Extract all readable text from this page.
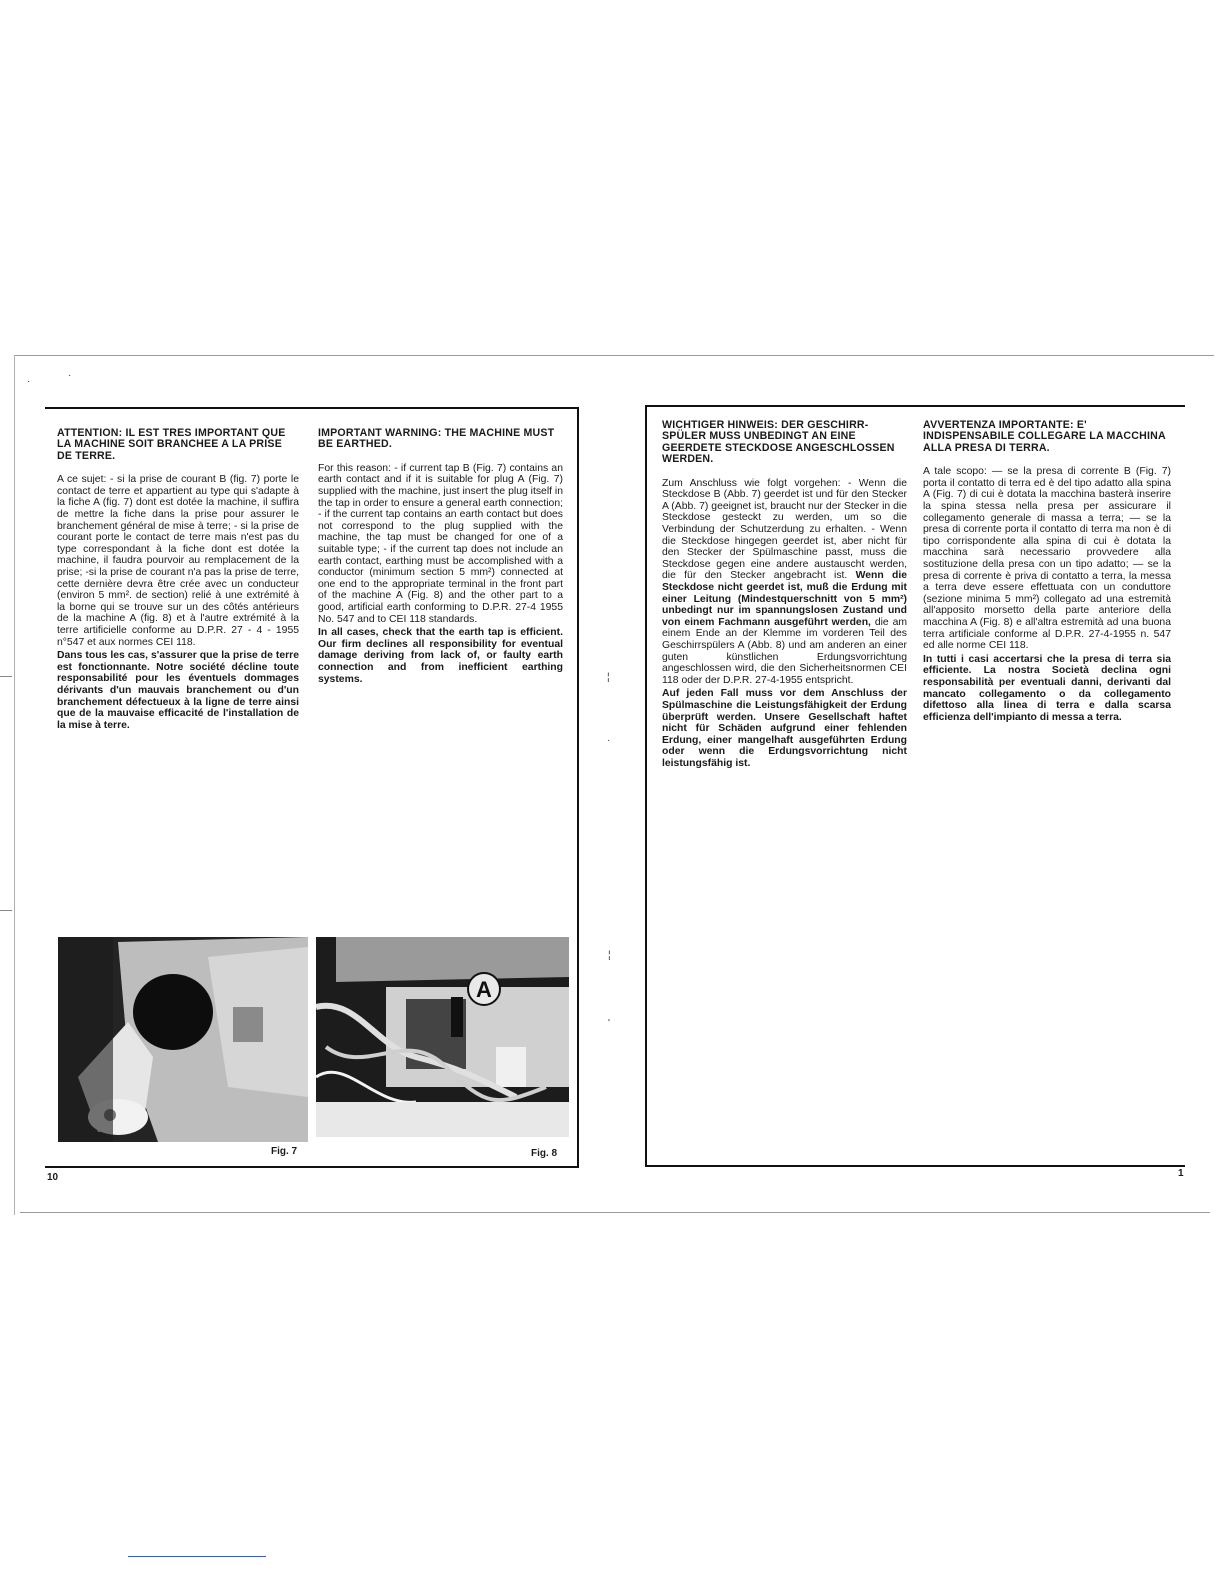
·
·
¦
·
¦
'
ATTENTION: IL EST TRES IMPORTANT QUE LA MACHINE SOIT BRANCHEE A LA PRISE DE TERRE.

A ce sujet: - si la prise de courant B (fig. 7) porte le contact de terre et appartient au type qui s'adapte à la fiche A (fig. 7) dont est dotée la machine, il suffira de mettre la fiche dans la prise pour assurer le branchement général de mise à terre; - si la prise de courant porte le contact de terre mais n'est pas du type correspondant à la fiche dont est dotée la machine, il faudra pourvoir au remplacement de la prise; -si la prise de courant n'a pas la prise de terre, cette dernière devra être crée avec un conducteur (environ 5 mm². de section) relié à une extrémité à la borne qui se trouve sur un des côtés antérieurs de la machine A (fig. 8) et à l'autre extrémité à la terre artificielle conforme au D.P.R. 27 - 4 - 1955 n°547 et aux normes CEI 118.

Dans tous les cas, s'assurer que la prise de terre est fonctionnante. Notre société décline toute responsabilité pour les éventuels dommages dérivants d'un mauvais branchement ou d'un branchement défectueux à la ligne de terre ainsi que de la mauvaise efficacité de l'installation de la mise à terre.

IMPORTANT WARNING: THE MACHINE MUST BE EARTHED.

For this reason: - if current tap B (Fig. 7) contains an earth contact and if it is suitable for plug A (Fig. 7) supplied with the machine, just insert the plug itself in the tap in order to ensure a general earth connection; - if the current tap contains an earth contact but does not correspond to the plug supplied with the machine, the tap must be changed for one of a suitable type; - if the current tap does not include an earth contact, earthing must be accomplished with a conductor (minimum section 5 mm²) connected at one end to the appropriate terminal in the front part of the machine A (Fig. 8) and the other part to a good, artificial earth conforming to D.P.R. 27-4 1955 No. 547 and to CEI 118 standards.

In all cases, check that the earth tap is efficient. Our firm declines all responsibility for eventual damage deriving from lack of, or faulty earth connection and from inefficient earthing systems.

Fig. 7
A
Fig. 8
10
WICHTIGER HINWEIS: DER GESCHIRR-SPÜLER MUSS UNBEDINGT AN EINE GEERDETE STECKDOSE ANGESCHLOSSEN WERDEN.

Zum Anschluss wie folgt vorgehen: - Wenn die Steckdose B (Abb. 7) geerdet ist und für den Stecker A (Abb. 7) geeignet ist, braucht nur der Stecker in die Steckdose gesteckt zu werden, um so die Verbindung der Schutzerdung zu erhalten. - Wenn die Steckdose hingegen geerdet ist, aber nicht für den Stecker der Spülmaschine passt, muss die Steckdose gegen eine andere austauscht werden, die für den Stecker angebracht ist. Wenn die Steckdose nicht geerdet ist, muß die Erdung mit einer Leitung (Mindestquerschnitt von 5 mm²) unbedingt nur im spannungslosen Zustand und von einem Fachmann ausgeführt werden, die am einem Ende an der Klemme im vorderen Teil des Geschirrspülers A (Abb. 8) und am anderen an einer guten künstlichen Erdungsvorrichtung angeschlossen wird, die den Sicherheitsnormen CEI 118 oder der D.P.R. 27-4-1955 entspricht.

Auf jeden Fall muss vor dem Anschluss der Spülmaschine die Leistungsfähigkeit der Erdung überprüft werden. Unsere Gesellschaft haftet nicht für Schäden aufgrund einer fehlenden Erdung, einer mangelhaft ausgeführten Erdung oder wenn die Erdungsvorrichtung nicht leistungsfähig ist.

AVVERTENZA IMPORTANTE: E' INDISPENSABILE COLLEGARE LA MACCHINA ALLA PRESA DI TERRA.

A tale scopo: — se la presa di corrente B (Fig. 7) porta il contatto di terra ed è del tipo adatto alla spina A (Fig. 7) di cui è dotata la macchina basterà inserire la spina stessa nella presa per assicurare il collegamento generale di massa a terra; — se la presa di corrente porta il contatto di terra ma non è di tipo corrispondente alla spina di cui è dotata la macchina sarà necessario provvedere alla sostituzione della presa con un tipo adatto; — se la presa di corrente è priva di contatto a terra, la messa a terra deve essere effettuata con un conduttore (sezione minima 5 mm²) collegato ad una estremità all'apposito morsetto della parte anteriore della macchina A (Fig. 8) e all'altra estremità ad una buona terra artificiale conforme al D.P.R. 27-4-1955 n. 547 ed alle norme CEI 118.

In tutti i casi accertarsi che la presa di terra sia efficiente. La nostra Società declina ogni responsabilità per eventuali danni, derivanti dal mancato collegamento o da collegamento difettoso alla linea di terra e dalla scarsa efficienza dell'impianto di messa a terra.

1
